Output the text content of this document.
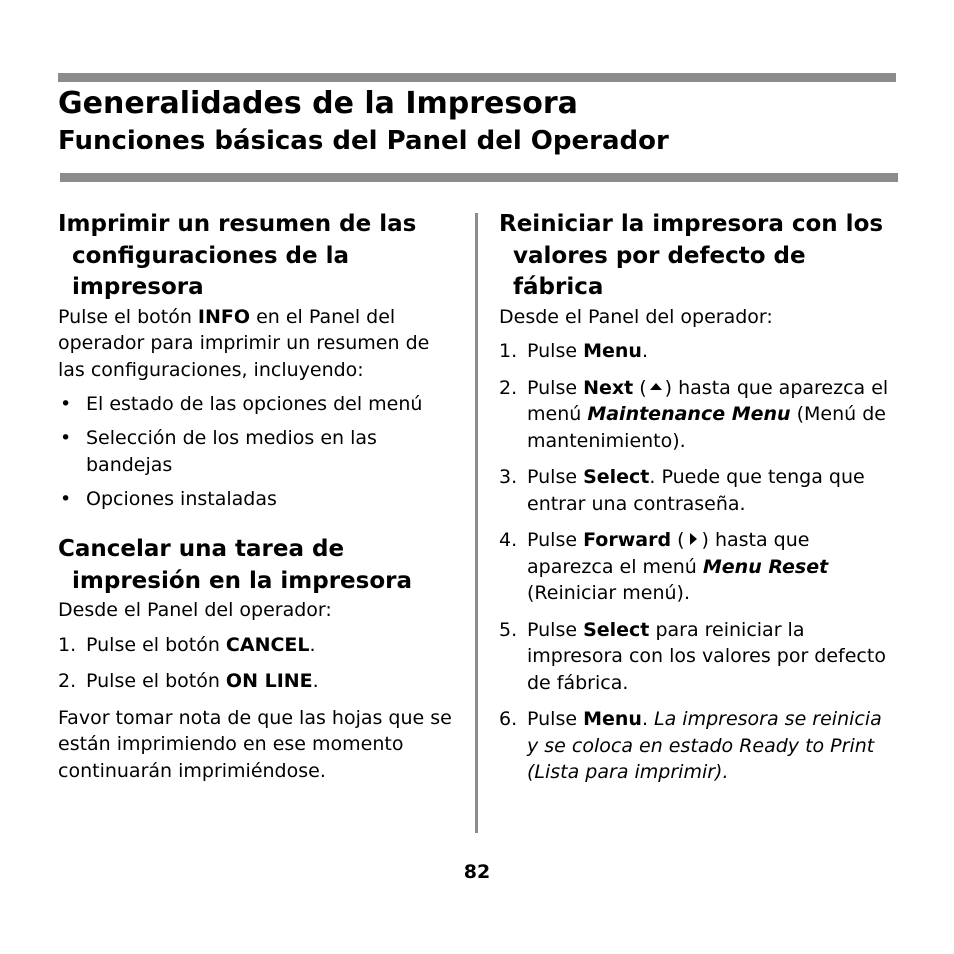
Generalidades de la Impresora
Funciones básicas del Panel del Operador
Imprimir un resumen de las configuraciones de la impresora

Pulse el botón INFO en el Panel del operador para imprimir un resumen de las configuraciones, incluyendo:

• El estado de las opciones del menú
• Selección de los medios en las bandejas
• Opciones instaladas
Cancelar una tarea de impresión en la impresora

Desde el Panel del operador:

1. Pulse el botón CANCEL.
2. Pulse el botón ON LINE.

Favor tomar nota de que las hojas que se están imprimiendo en ese momento continuarán imprimiéndose.

Reiniciar la impresora con los valores por defecto de fábrica

Desde el Panel del operador:

1. Pulse Menu.
2. Pulse Next ( ) hasta que aparezca el menú Maintenance Menu (Menú de mantenimiento).
3. Pulse Select. Puede que tenga que entrar una contraseña.
4. Pulse Forward ( ) hasta que aparezca el menú Menu Reset (Reiniciar menú).
5. Pulse Select para reiniciar la impresora con los valores por defecto de fábrica.
6. Pulse Menu. La impresora se reinicia y se coloca en estado Ready to Print (Lista para imprimir).
82
